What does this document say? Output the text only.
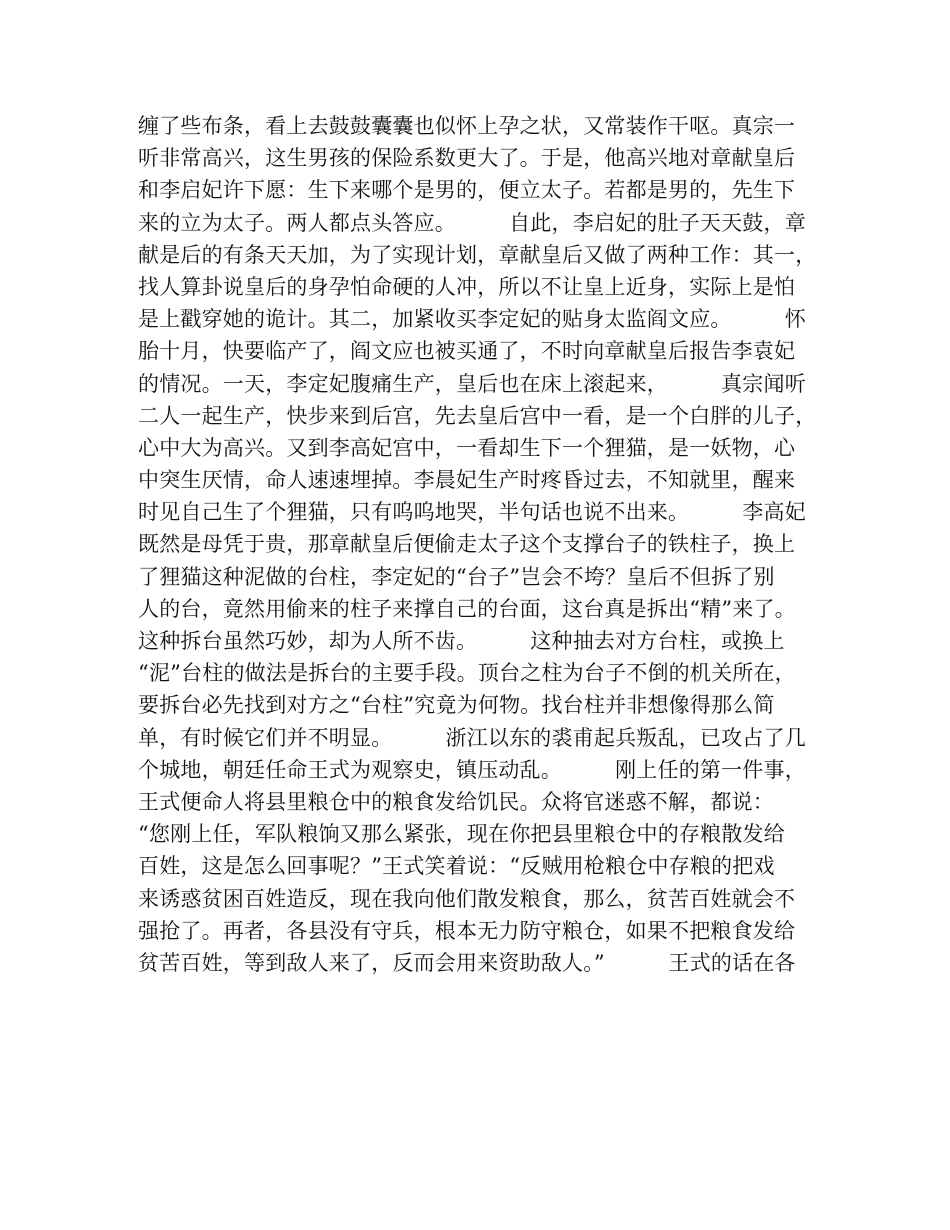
缠了些布条，看上去鼓鼓囊囊也似怀上孕之状，又常装作干呕。真宗一
听非常高兴，这生男孩的保险系数更大了。于是，他高兴地对章献皇后
和李启妃许下愿：生下来哪个是男的，便立太子。若都是男的，先生下
来的立为太子。两人都点头答应。　　　自此，李启妃的肚子天天鼓，章
献是后的有条天天加，为了实现计划，章献皇后又做了两种工作：其一，
找人算卦说皇后的身孕怕命硬的人冲，所以不让皇上近身，实际上是怕
是上戳穿她的诡计。其二，加紧收买李定妃的贴身太监阎文应。　　　怀
胎十月，快要临产了，阎文应也被买通了，不时向章献皇后报告李袁妃
的情况。一天，李定妃腹痛生产，皇后也在床上滚起来，　　　真宗闻听
二人一起生产，快步来到后宫，先去皇后宫中一看，是一个白胖的儿子，
心中大为高兴。又到李高妃宫中，一看却生下一个狸猫，是一妖物，心
中突生厌情，命人速速埋掉。李晨妃生产时疼昏过去，不知就里，醒来
时见自己生了个狸猫，只有呜呜地哭，半句话也说不出来。　　　李高妃
既然是母凭于贵，那章献皇后便偷走太子这个支撑台子的铁柱子，换上
了狸猫这种泥做的台柱，李定妃的“台子”岂会不垮？皇后不但拆了别
人的台，竟然用偷来的柱子来撑自己的台面，这台真是拆出“精”来了。
这种拆台虽然巧妙，却为人所不齿。　　　这种抽去对方台柱，或换上
“泥”台柱的做法是拆台的主要手段。顶台之柱为台子不倒的机关所在，
要拆台必先找到对方之“台柱”究竟为何物。找台柱并非想像得那么简
单，有时候它们并不明显。　　　浙江以东的裘甫起兵叛乱，已攻占了几
个城地，朝廷任命王式为观察史，镇压动乱。　　　刚上任的第一件事，
王式便命人将县里粮仓中的粮食发给饥民。众将官迷惑不解，都说：
“您刚上任，军队粮饷又那么紧张，现在你把县里粮仓中的存粮散发给
百姓，这是怎么回事呢？”王式笑着说：“反贼用枪粮仓中存粮的把戏
来诱惑贫困百姓造反，现在我向他们散发粮食，那么，贫苦百姓就会不
强抢了。再者，各县没有守兵，根本无力防守粮仓，如果不把粮食发给
贫苦百姓，等到敌人来了，反而会用来资助敌人。”　　　王式的话在各
